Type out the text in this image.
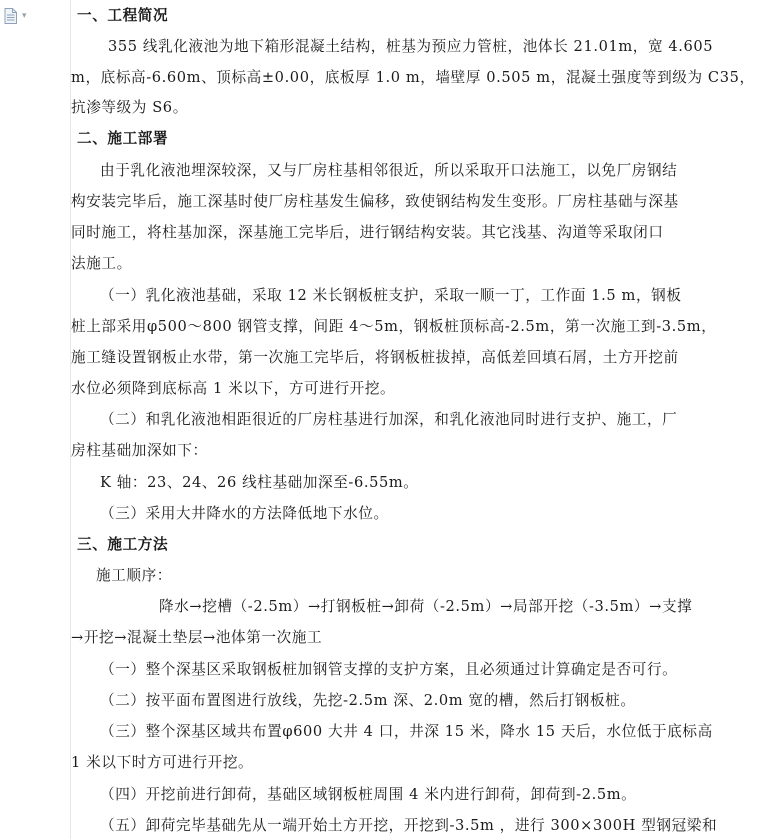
▾	一、工程简况
355 线乳化液池为地下箱形混凝土结构，桩基为预应力管桩，池体长 21.01m，宽 4.605
m，底标高-6.60m、顶标高±0.00，底板厚 1.0 m，墙壁厚 0.505 m，混凝土强度等到级为 C35，
抗渗等级为 S6。
二、施工部署
由于乳化液池埋深较深，又与厂房柱基相邻很近，所以采取开口法施工，以免厂房钢结
构安装完毕后，施工深基时使厂房柱基发生偏移，致使钢结构发生变形。厂房柱基础与深基
同时施工，将柱基加深，深基施工完毕后，进行钢结构安装。其它浅基、沟道等采取闭口
法施工。
（一）乳化液池基础，采取 12 米长钢板桩支护，采取一顺一丁，工作面 1.5 m，钢板
桩上部采用φ500～800 钢管支撑，间距 4～5m，钢板桩顶标高-2.5m，第一次施工到-3.5m，
施工缝设置钢板止水带，第一次施工完毕后，将钢板桩拔掉，高低差回填石屑，土方开挖前
水位必须降到底标高 1 米以下，方可进行开挖。
（二）和乳化液池相距很近的厂房柱基进行加深，和乳化液池同时进行支护、施工，厂
房柱基础加深如下：
K 轴：23、24、26 线柱基础加深至-6.55m。
（三）采用大井降水的方法降低地下水位。
三、施工方法
施工顺序：
降水→挖槽（-2.5m）→打钢板桩→卸荷（-2.5m）→局部开挖（-3.5m）→支撑
→开挖→混凝土垫层→池体第一次施工
（一）整个深基区采取钢板桩加钢管支撑的支护方案，且必须通过计算确定是否可行。
（二）按平面布置图进行放线，先挖-2.5m 深、2.0m 宽的槽，然后打钢板桩。
（三）整个深基区域共布置φ600 大井 4 口，井深 15 米，降水 15 天后，水位低于底标高
1 米以下时方可进行开挖。
（四）开挖前进行卸荷，基础区域钢板桩周围 4 米内进行卸荷，卸荷到-2.5m。
（五）卸荷完毕基础先从一端开始土方开挖，开挖到-3.5m ，进行 300×300H 型钢冠梁和
